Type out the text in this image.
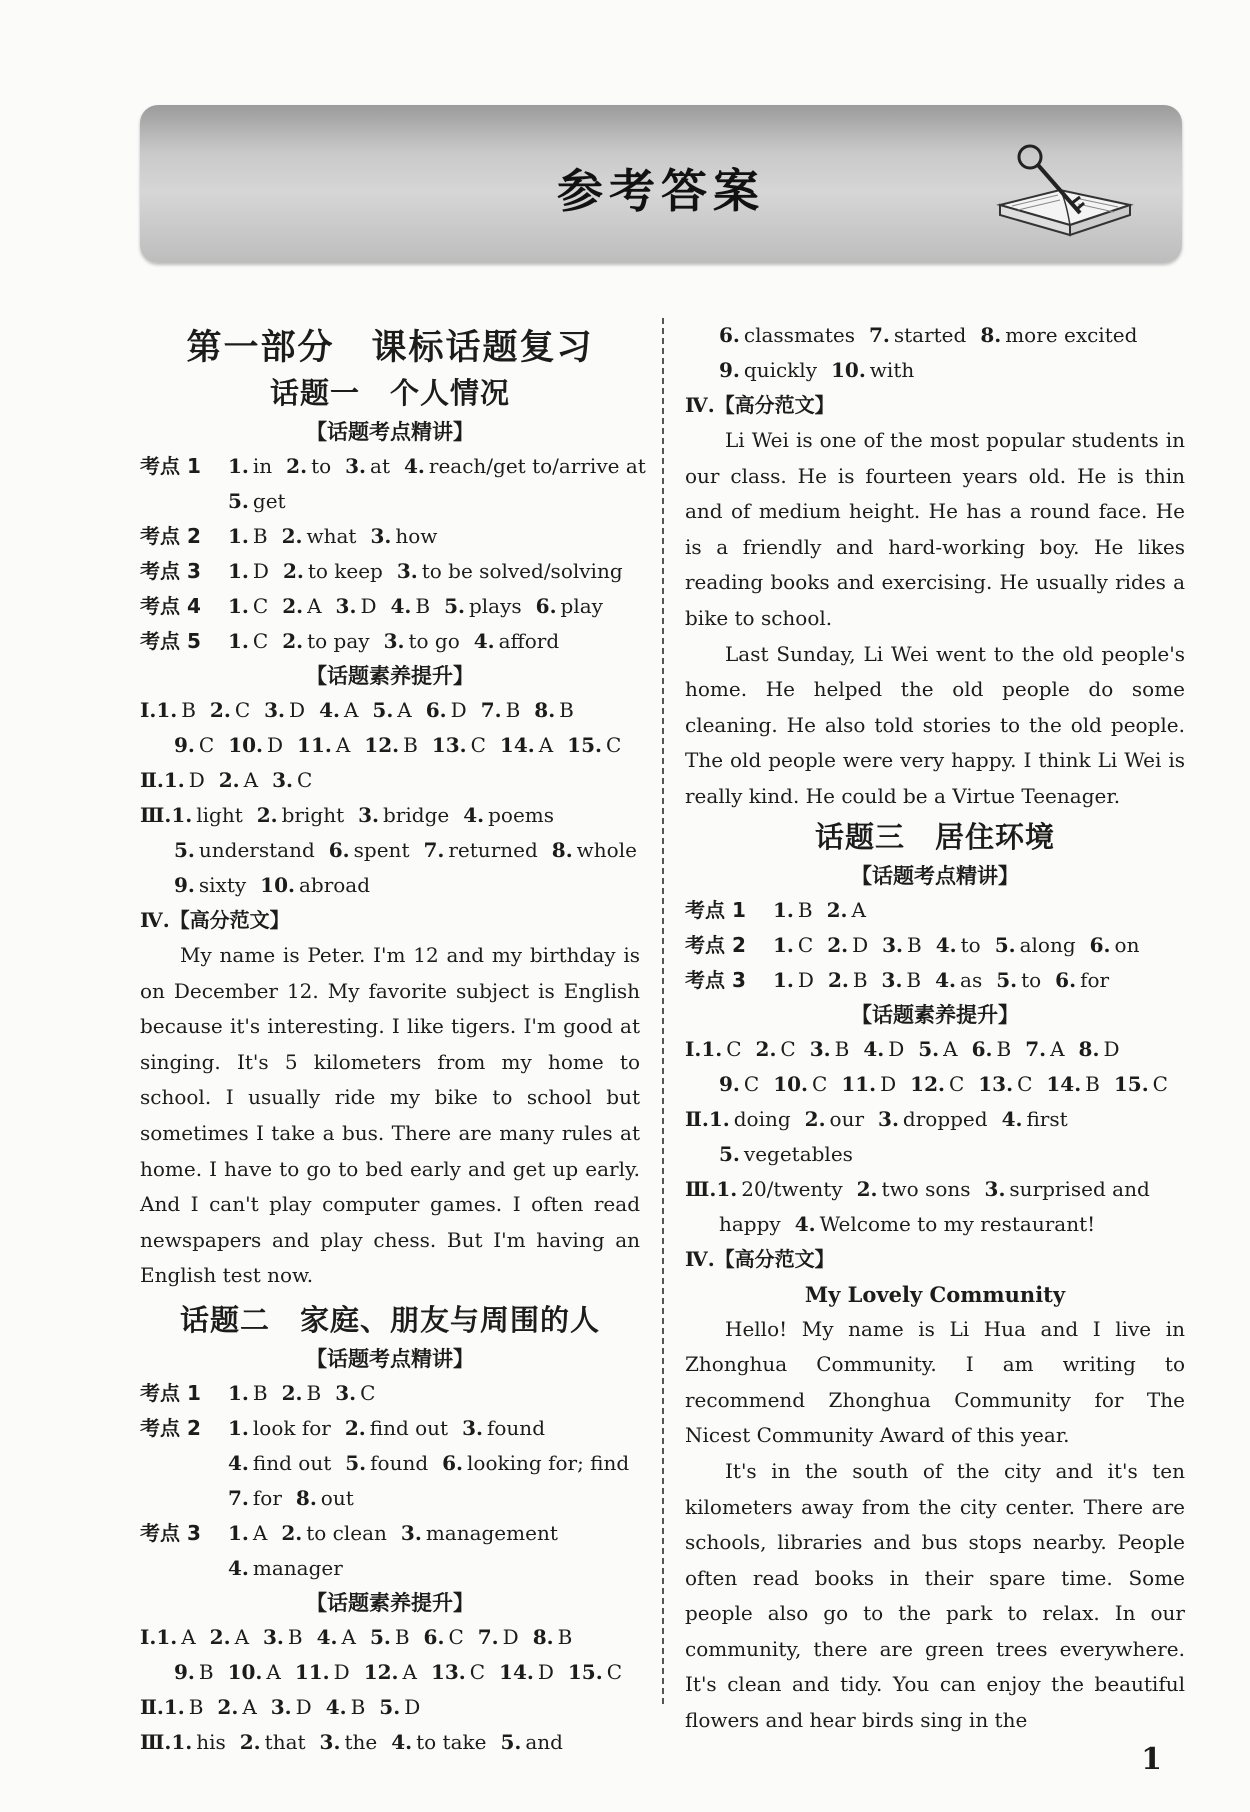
参考答案
第一部分　课标话题复习
话题一　个人情况
【话题考点精讲】
考点 1 1. in 2. to 3. at 4. reach/get to/arrive at
5. get
考点 2 1. B 2. what 3. how
考点 3 1. D 2. to keep 3. to be solved/solving
考点 4 1. C 2. A 3. D 4. B 5. plays 6. play
考点 5 1. C 2. to pay 3. to go 4. afford
【话题素养提升】
Ⅰ.1. B 2. C 3. D 4. A 5. A 6. D 7. B 8. B
9. C 10. D 11. A 12. B 13. C 14. A 15. C
Ⅱ.1. D 2. A 3. C
Ⅲ.1. light 2. bright 3. bridge 4. poems
5. understand 6. spent 7. returned 8. whole
9. sixty 10. abroad
Ⅳ.【高分范文】

My name is Peter. I'm 12 and my birthday is on December 12. My favorite subject is English because it's interesting. I like tigers. I'm good at singing. It's 5 kilometers from my home to school. I usually ride my bike to school but sometimes I take a bus. There are many rules at home. I have to go to bed early and get up early. And I can't play computer games. I often read newspapers and play chess. But I'm having an English test now.

话题二　家庭、朋友与周围的人
【话题考点精讲】
考点 1 1. B 2. B 3. C
考点 2 1. look for 2. find out 3. found
4. find out 5. found 6. looking for; find
7. for 8. out
考点 3 1. A 2. to clean 3. management
4. manager
【话题素养提升】
Ⅰ.1. A 2. A 3. B 4. A 5. B 6. C 7. D 8. B
9. B 10. A 11. D 12. A 13. C 14. D 15. C
Ⅱ.1. B 2. A 3. D 4. B 5. D
Ⅲ.1. his 2. that 3. the 4. to take 5. and
6. classmates 7. started 8. more excited
9. quickly 10. with
Ⅳ.【高分范文】

Li Wei is one of the most popular students in our class. He is fourteen years old. He is thin and of medium height. He has a round face. He is a friendly and hard-working boy. He likes reading books and exercising. He usually rides a bike to school.

Last Sunday, Li Wei went to the old people's home. He helped the old people do some cleaning. He also told stories to the old people. The old people were very happy. I think Li Wei is really kind. He could be a Virtue Teenager.

话题三　居住环境
【话题考点精讲】
考点 1 1. B 2. A
考点 2 1. C 2. D 3. B 4. to 5. along 6. on
考点 3 1. D 2. B 3. B 4. as 5. to 6. for
【话题素养提升】
Ⅰ.1. C 2. C 3. B 4. D 5. A 6. B 7. A 8. D
9. C 10. C 11. D 12. C 13. C 14. B 15. C
Ⅱ.1. doing 2. our 3. dropped 4. first
5. vegetables
Ⅲ.1. 20/twenty 2. two sons 3. surprised and
happy 4. Welcome to my restaurant!
Ⅳ.【高分范文】
My Lovely Community

Hello! My name is Li Hua and I live in Zhonghua Community. I am writing to recommend Zhonghua Community for The Nicest Community Award of this year.

It's in the south of the city and it's ten kilometers away from the city center. There are schools, libraries and bus stops nearby. People often read books in their spare time. Some people also go to the park to relax. In our community, there are green trees everywhere. It's clean and tidy. You can enjoy the beautiful flowers and hear birds sing in the

1
